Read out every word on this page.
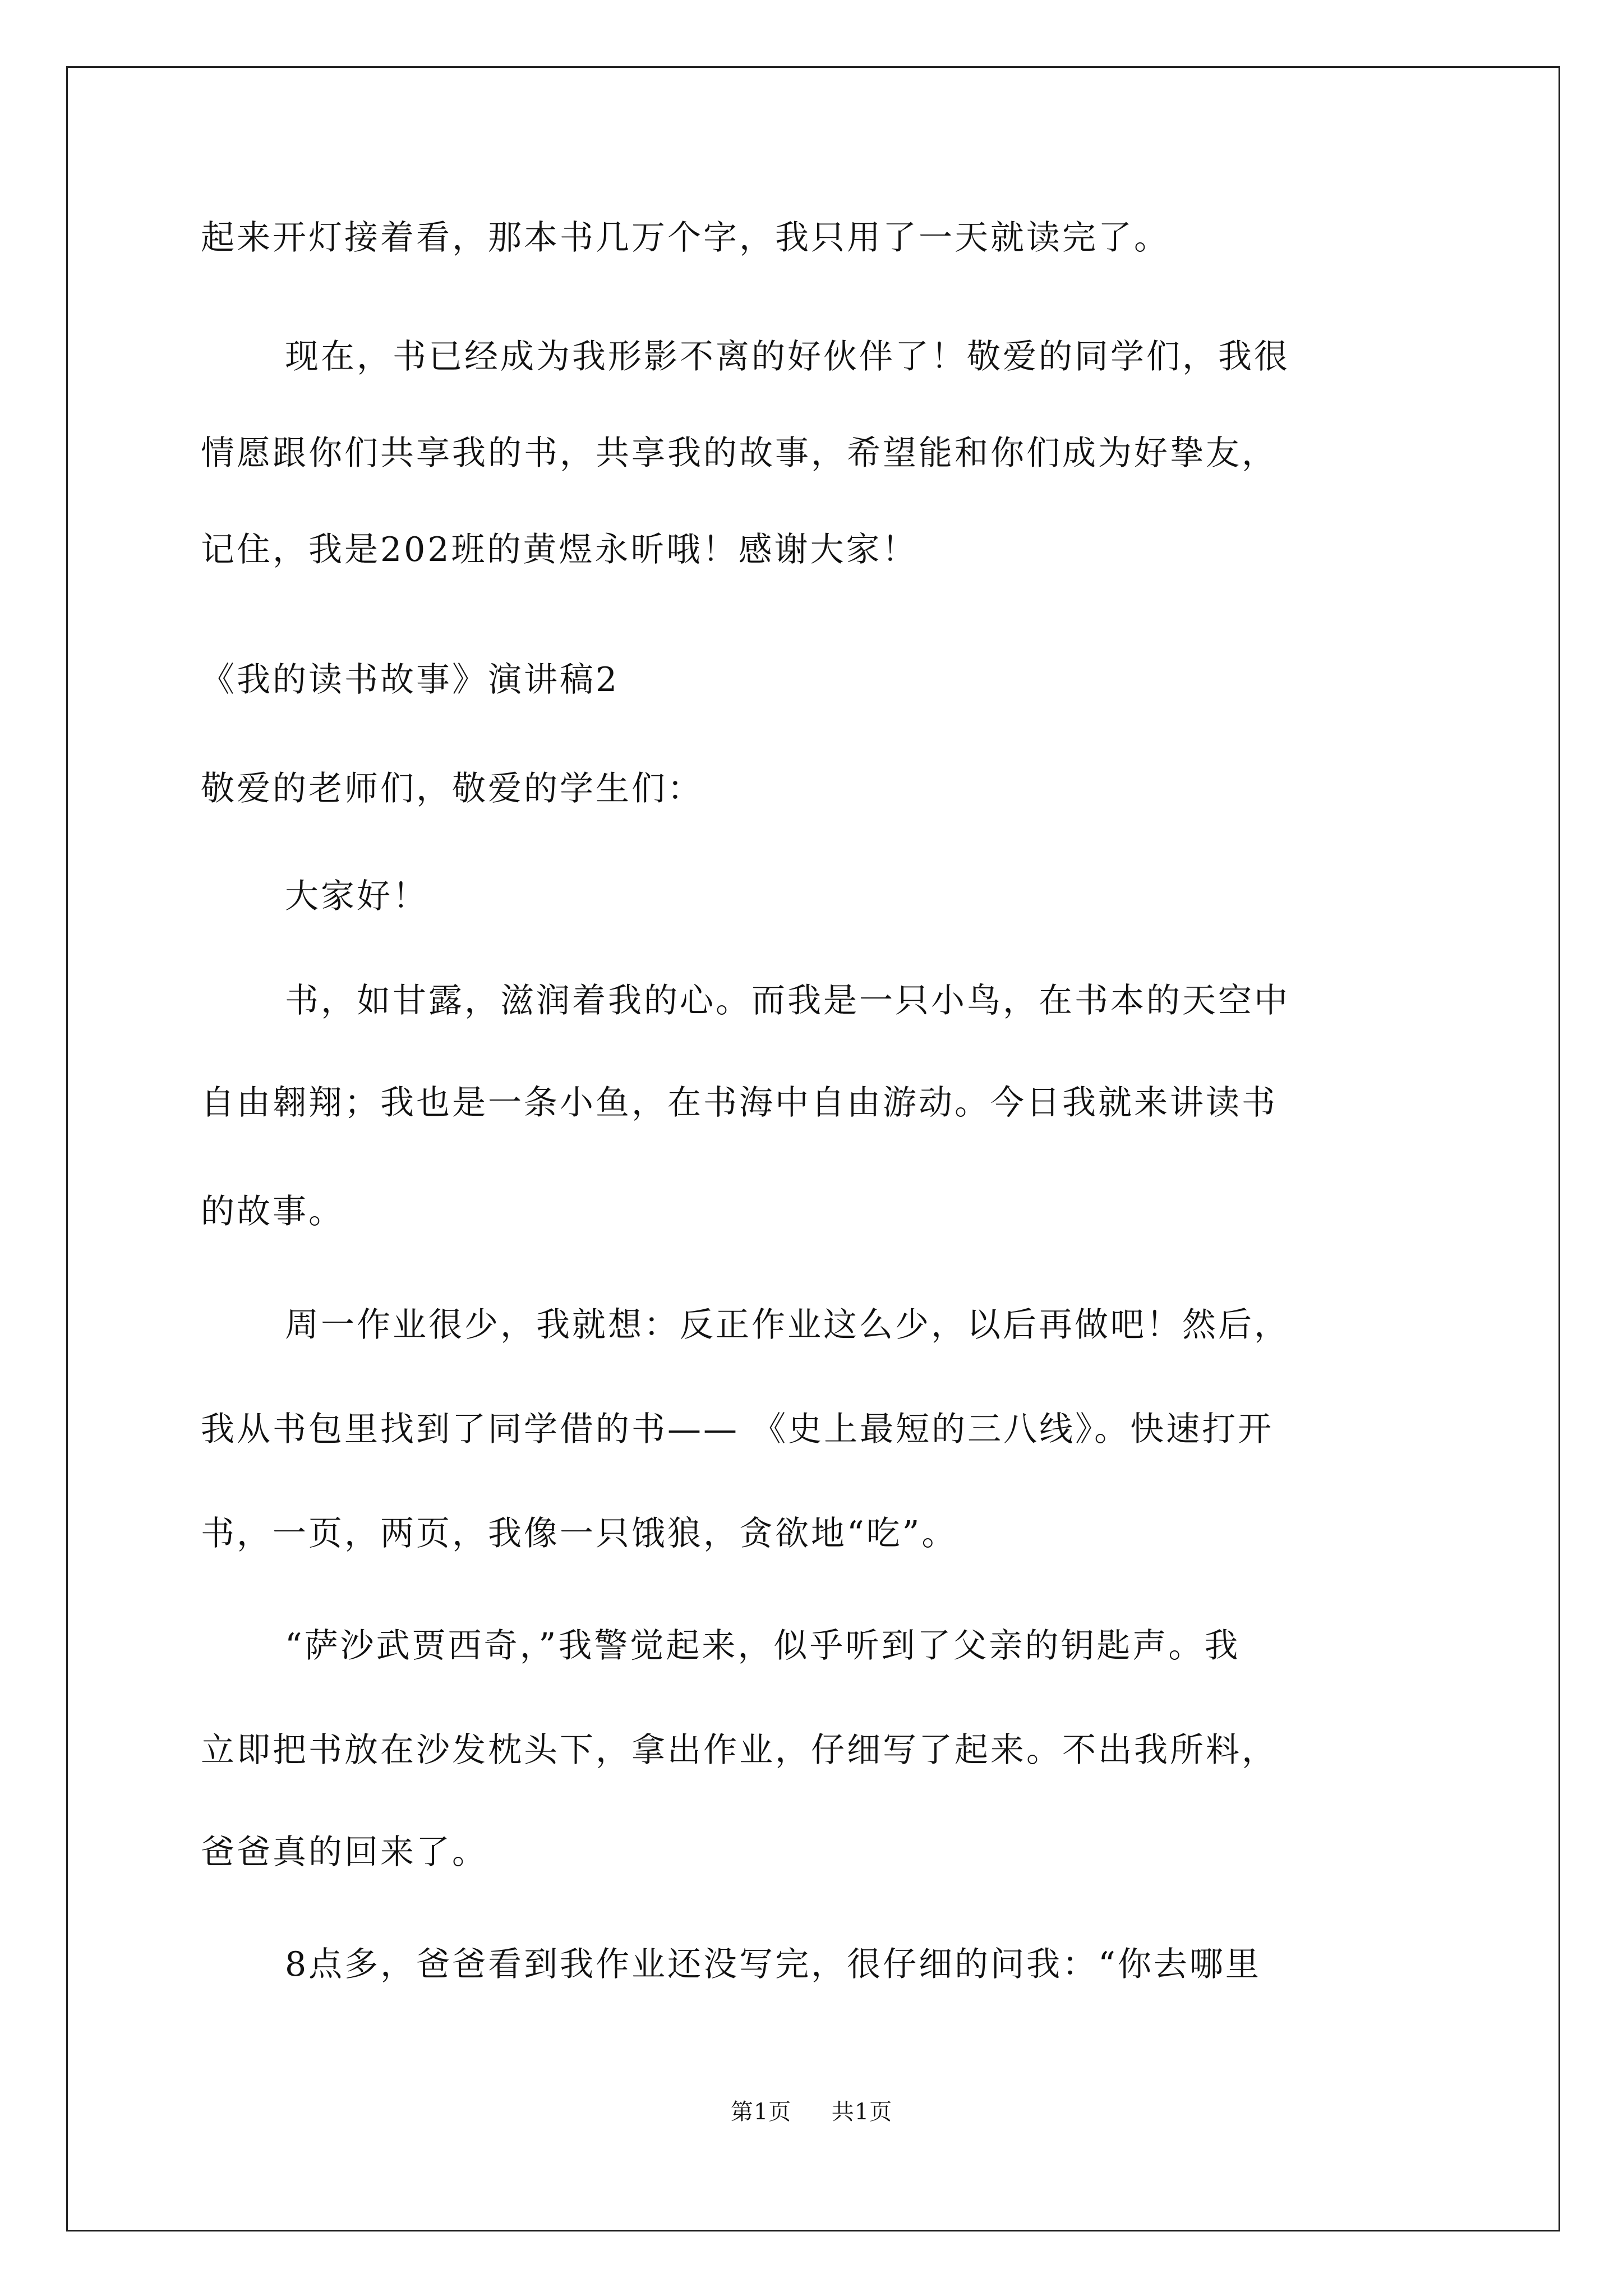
起来开灯接着看，那本书几万个字，我只用了一天就读完了。
现在，书已经成为我形影不离的好伙伴了！敬爱的同学们，我很
情愿跟你们共享我的书，共享我的故事，希望能和你们成为好挚友，
记住，我是202班的黄煜永昕哦！感谢大家！
《我的读书故事》演讲稿2
敬爱的老师们，敬爱的学生们：
大家好！
书，如甘露，滋润着我的心。而我是一只小鸟，在书本的天空中
自由翱翔；我也是一条小鱼，在书海中自由游动。今日我就来讲读书
的故事。
周一作业很少，我就想：反正作业这么少，以后再做吧！然后，
我从书包里找到了同学借的书—— 《史上最短的三八线》。快速打开
书，一页，两页，我像一只饿狼，贪欲地“吃”。
“萨沙武贾西奇，”我警觉起来，似乎听到了父亲的钥匙声。我
立即把书放在沙发枕头下，拿出作业，仔细写了起来。不出我所料，
爸爸真的回来了。
8点多，爸爸看到我作业还没写完，很仔细的问我：“你去哪里
第1页 共1页
